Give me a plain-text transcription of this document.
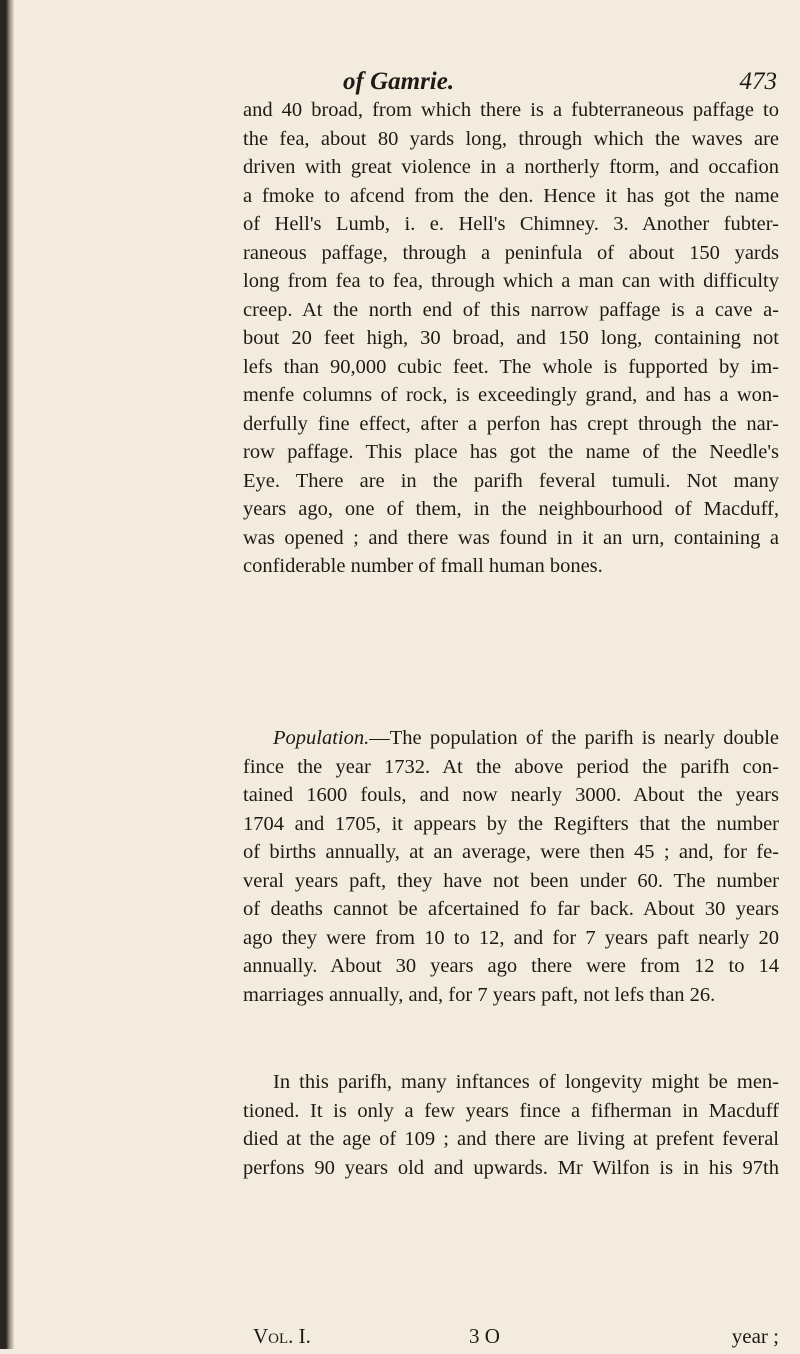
of Gamrie.	473
and 40 broad, from which there is a fubterraneous paffage to
the fea, about 80 yards long, through which the waves are
driven with great violence in a northerly ftorm, and occafion
a fmoke to afcend from the den. Hence it has got the name
of Hell's Lumb, i. e. Hell's Chimney. 3. Another fubter-
raneous paffage, through a peninfula of about 150 yards
long from fea to fea, through which a man can with difficulty
creep. At the north end of this narrow paffage is a cave a-
bout 20 feet high, 30 broad, and 150 long, containing not
lefs than 90,000 cubic feet. The whole is fupported by im-
menfe columns of rock, is exceedingly grand, and has a won-
derfully fine effect, after a perfon has crept through the nar-
row paffage. This place has got the name of the Needle's
Eye. There are in the parifh feveral tumuli. Not many
years ago, one of them, in the neighbourhood of Macduff,
was opened ; and there was found in it an urn, containing a
confiderable number of fmall human bones.
Population.—The population of the parifh is nearly double
fince the year 1732. At the above period the parifh con-
tained 1600 fouls, and now nearly 3000. About the years
1704 and 1705, it appears by the Regifters that the number
of births annually, at an average, were then 45 ; and, for fe-
veral years paft, they have not been under 60. The number
of deaths cannot be afcertained fo far back. About 30 years
ago they were from 10 to 12, and for 7 years paft nearly 20
annually. About 30 years ago there were from 12 to 14
marriages annually, and, for 7 years paft, not lefs than 26.
In this parifh, many inftances of longevity might be men-
tioned. It is only a few years fince a fifherman in Macduff
died at the age of 109 ; and there are living at prefent feveral
perfons 90 years old and upwards. Mr Wilfon is in his 97th
Vol. I.	3 O	year ;
